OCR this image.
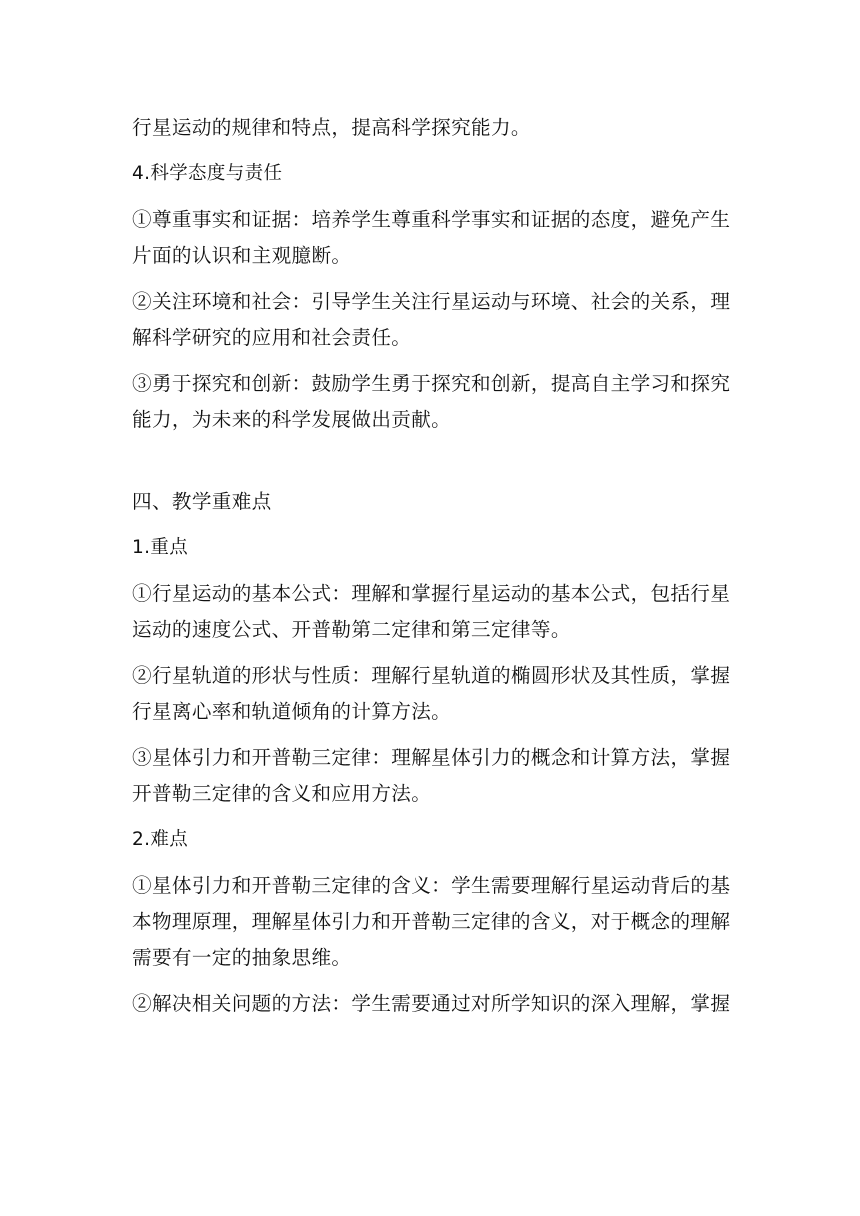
行星运动的规律和特点，提高科学探究能力。

4.科学态度与责任

①尊重事实和证据：培养学生尊重科学事实和证据的态度，避免产生

片面的认识和主观臆断。

②关注环境和社会：引导学生关注行星运动与环境、社会的关系，理

解科学研究的应用和社会责任。

③勇于探究和创新：鼓励学生勇于探究和创新，提高自主学习和探究

能力，为未来的科学发展做出贡献。

四、教学重难点

1.重点

①行星运动的基本公式：理解和掌握行星运动的基本公式，包括行星

运动的速度公式、开普勒第二定律和第三定律等。

②行星轨道的形状与性质：理解行星轨道的椭圆形状及其性质，掌握

行星离心率和轨道倾角的计算方法。

③星体引力和开普勒三定律：理解星体引力的概念和计算方法，掌握

开普勒三定律的含义和应用方法。

2.难点

①星体引力和开普勒三定律的含义：学生需要理解行星运动背后的基

本物理原理，理解星体引力和开普勒三定律的含义，对于概念的理解

需要有一定的抽象思维。

②解决相关问题的方法：学生需要通过对所学知识的深入理解，掌握
